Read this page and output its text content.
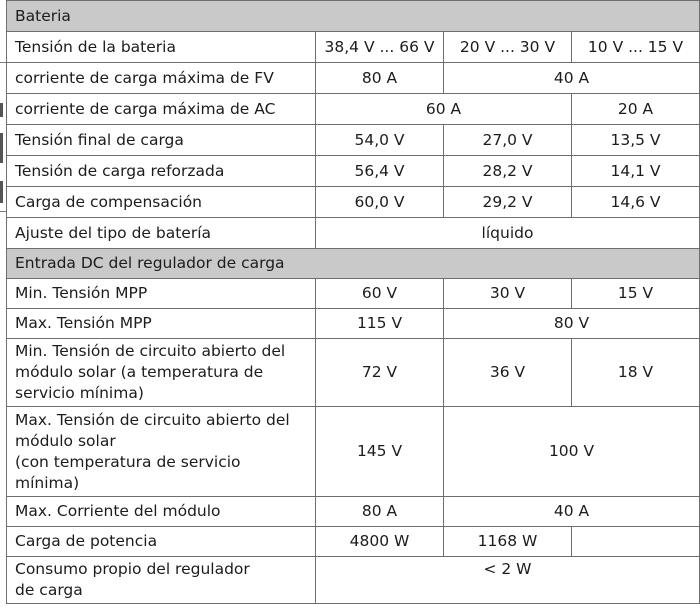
Bateria			
Tensión de la bateria	38,4 V ... 66 V	20 V ... 30 V	10 V ... 15 V
corriente de carga máxima de FV	80 A	40 A	
corriente de carga máxima de AC	60 A		20 A
Tensión final de carga	54,0 V	27,0 V	13,5 V
Tensión de carga reforzada	56,4 V	28,2 V	14,1 V
Carga de compensación	60,0 V	29,2 V	14,6 V
Ajuste del tipo de batería	líquido		
Entrada DC del regulador de carga			
Min. Tensión MPP	60 V	30 V	15 V
Max. Tensión MPP	115 V	80 V	

Min. Tensión de circuito abierto del
módulo solar (a temperatura de
servicio mínima)	72 V	36 V	18 V

Max. Tensión de circuito abierto del
módulo solar
(con temperatura de servicio
mínima)	145 V	100 V	
Max. Corriente del módulo	80 A	40 A	
Carga de potencia	4800 W	1168 W	

Consumo propio del regulador
de carga	< 2 W		
